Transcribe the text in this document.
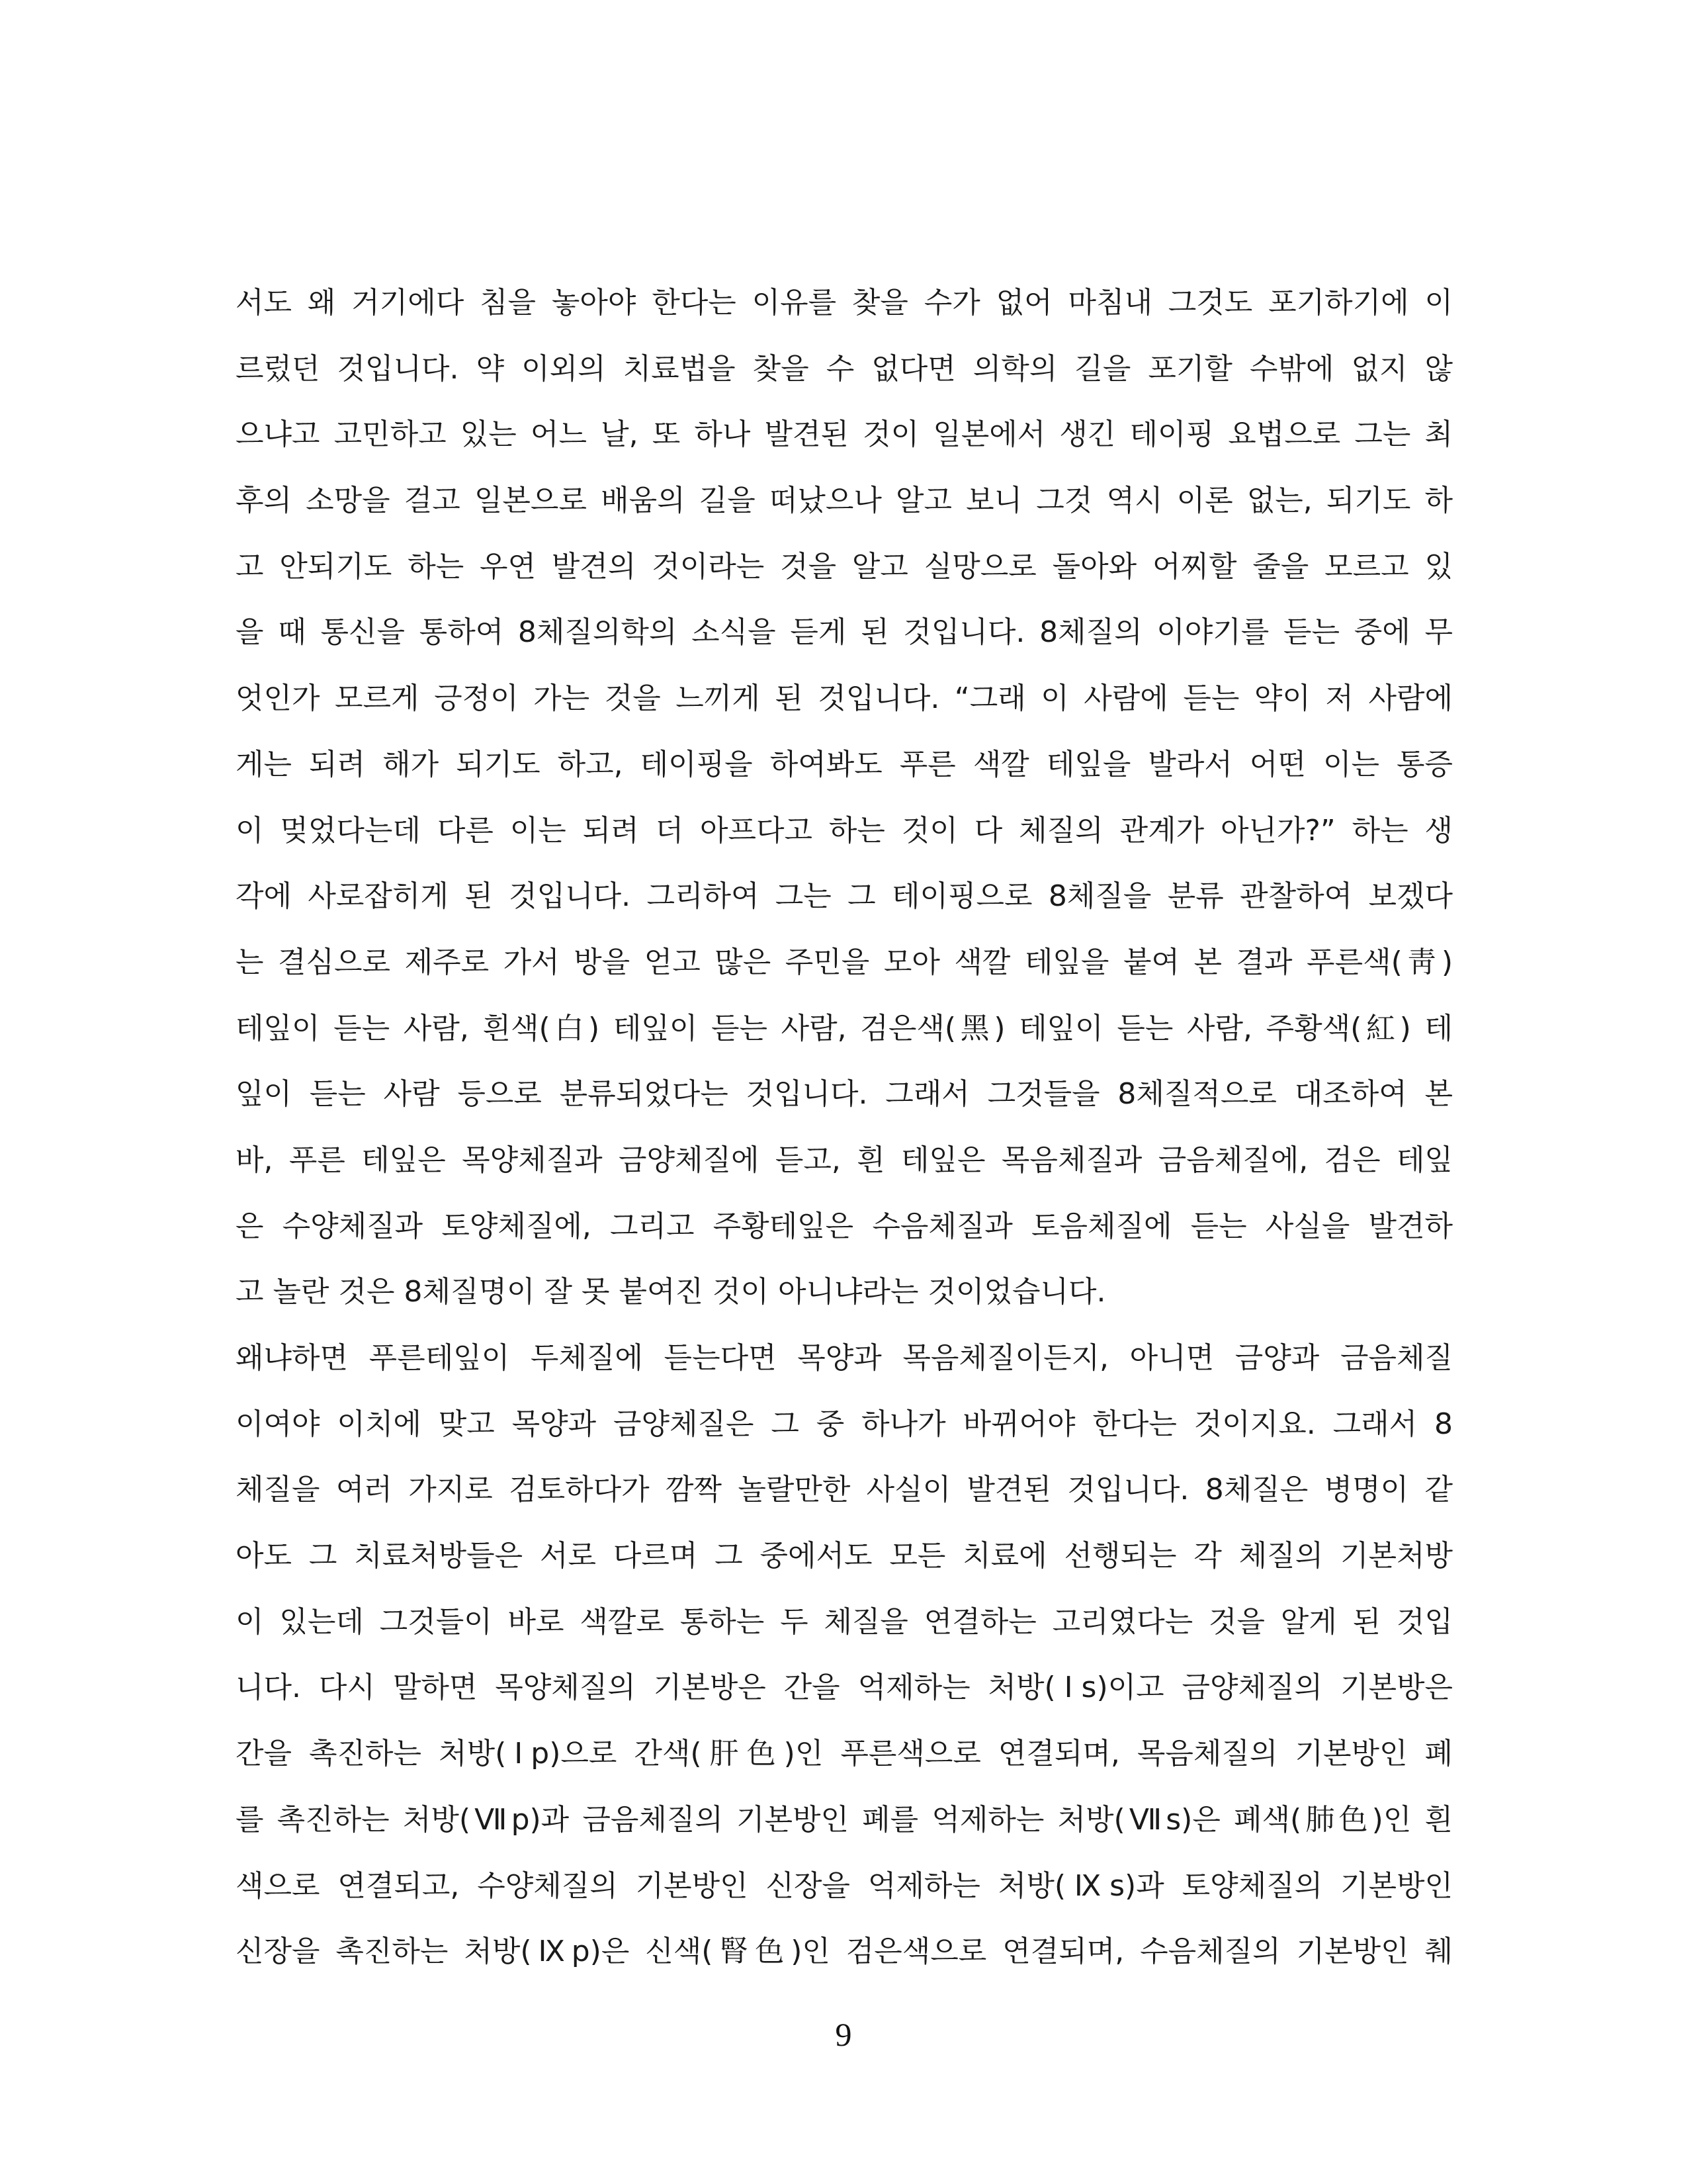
서도 왜 거기에다 침을 놓아야 한다는 이유를 찾을 수가 없어 마침내 그것도 포기하기에 이
르렀던 것입니다. 약 이외의 치료법을 찾을 수 없다면 의학의 길을 포기할 수밖에 없지 않
으냐고 고민하고 있는 어느 날, 또 하나 발견된 것이 일본에서 생긴 테이핑 요법으로 그는 최
후의 소망을 걸고 일본으로 배움의 길을 떠났으나 알고 보니 그것 역시 이론 없는, 되기도 하
고 안되기도 하는 우연 발견의 것이라는 것을 알고 실망으로 돌아와 어찌할 줄을 모르고 있
을 때 통신을 통하여 8체질의학의 소식을 듣게 된 것입니다. 8체질의 이야기를 듣는 중에 무
엇인가 모르게 긍정이 가는 것을 느끼게 된 것입니다. “그래 이 사람에 듣는 약이 저 사람에
게는 되려 해가 되기도 하고, 테이핑을 하여봐도 푸른 색깔 테잎을 발라서 어떤 이는 통증
이 멎었다는데 다른 이는 되려 더 아프다고 하는 것이 다 체질의 관계가 아닌가?” 하는 생
각에 사로잡히게 된 것입니다. 그리하여 그는 그 테이핑으로 8체질을 분류 관찰하여 보겠다
는 결심으로 제주로 가서 방을 얻고 많은 주민을 모아 색깔 테잎을 붙여 본 결과 푸른색(靑)
테잎이 듣는 사람, 흰색(白) 테잎이 듣는 사람, 검은색(黑) 테잎이 듣는 사람, 주황색(紅) 테
잎이 듣는 사람 등으로 분류되었다는 것입니다. 그래서 그것들을 8체질적으로 대조하여 본
바, 푸른 테잎은 목양체질과 금양체질에 듣고, 흰 테잎은 목음체질과 금음체질에, 검은 테잎
은 수양체질과 토양체질에, 그리고 주황테잎은 수음체질과 토음체질에 듣는 사실을 발견하
고 놀란 것은 8체질명이 잘 못 붙여진 것이 아니냐라는 것이었습니다.
왜냐하면 푸른테잎이 두체질에 듣는다면 목양과 목음체질이든지, 아니면 금양과 금음체질
이여야 이치에 맞고 목양과 금양체질은 그 중 하나가 바뀌어야 한다는 것이지요. 그래서 8
체질을 여러 가지로 검토하다가 깜짝 놀랄만한 사실이 발견된 것입니다. 8체질은 병명이 같
아도 그 치료처방들은 서로 다르며 그 중에서도 모든 치료에 선행되는 각 체질의 기본처방
이 있는데 그것들이 바로 색깔로 통하는 두 체질을 연결하는 고리였다는 것을 알게 된 것입
니다. 다시 말하면 목양체질의 기본방은 간을 억제하는 처방(Ⅰs)이고 금양체질의 기본방은
간을 촉진하는 처방(Ⅰp)으로 간색(肝色)인 푸른색으로 연결되며, 목음체질의 기본방인 폐
를 촉진하는 처방(Ⅶp)과 금음체질의 기본방인 폐를 억제하는 처방(Ⅶs)은 폐색(肺色)인 흰
색으로 연결되고, 수양체질의 기본방인 신장을 억제하는 처방(Ⅸs)과 토양체질의 기본방인
신장을 촉진하는 처방(Ⅸp)은 신색(腎色)인 검은색으로 연결되며, 수음체질의 기본방인 췌
9
